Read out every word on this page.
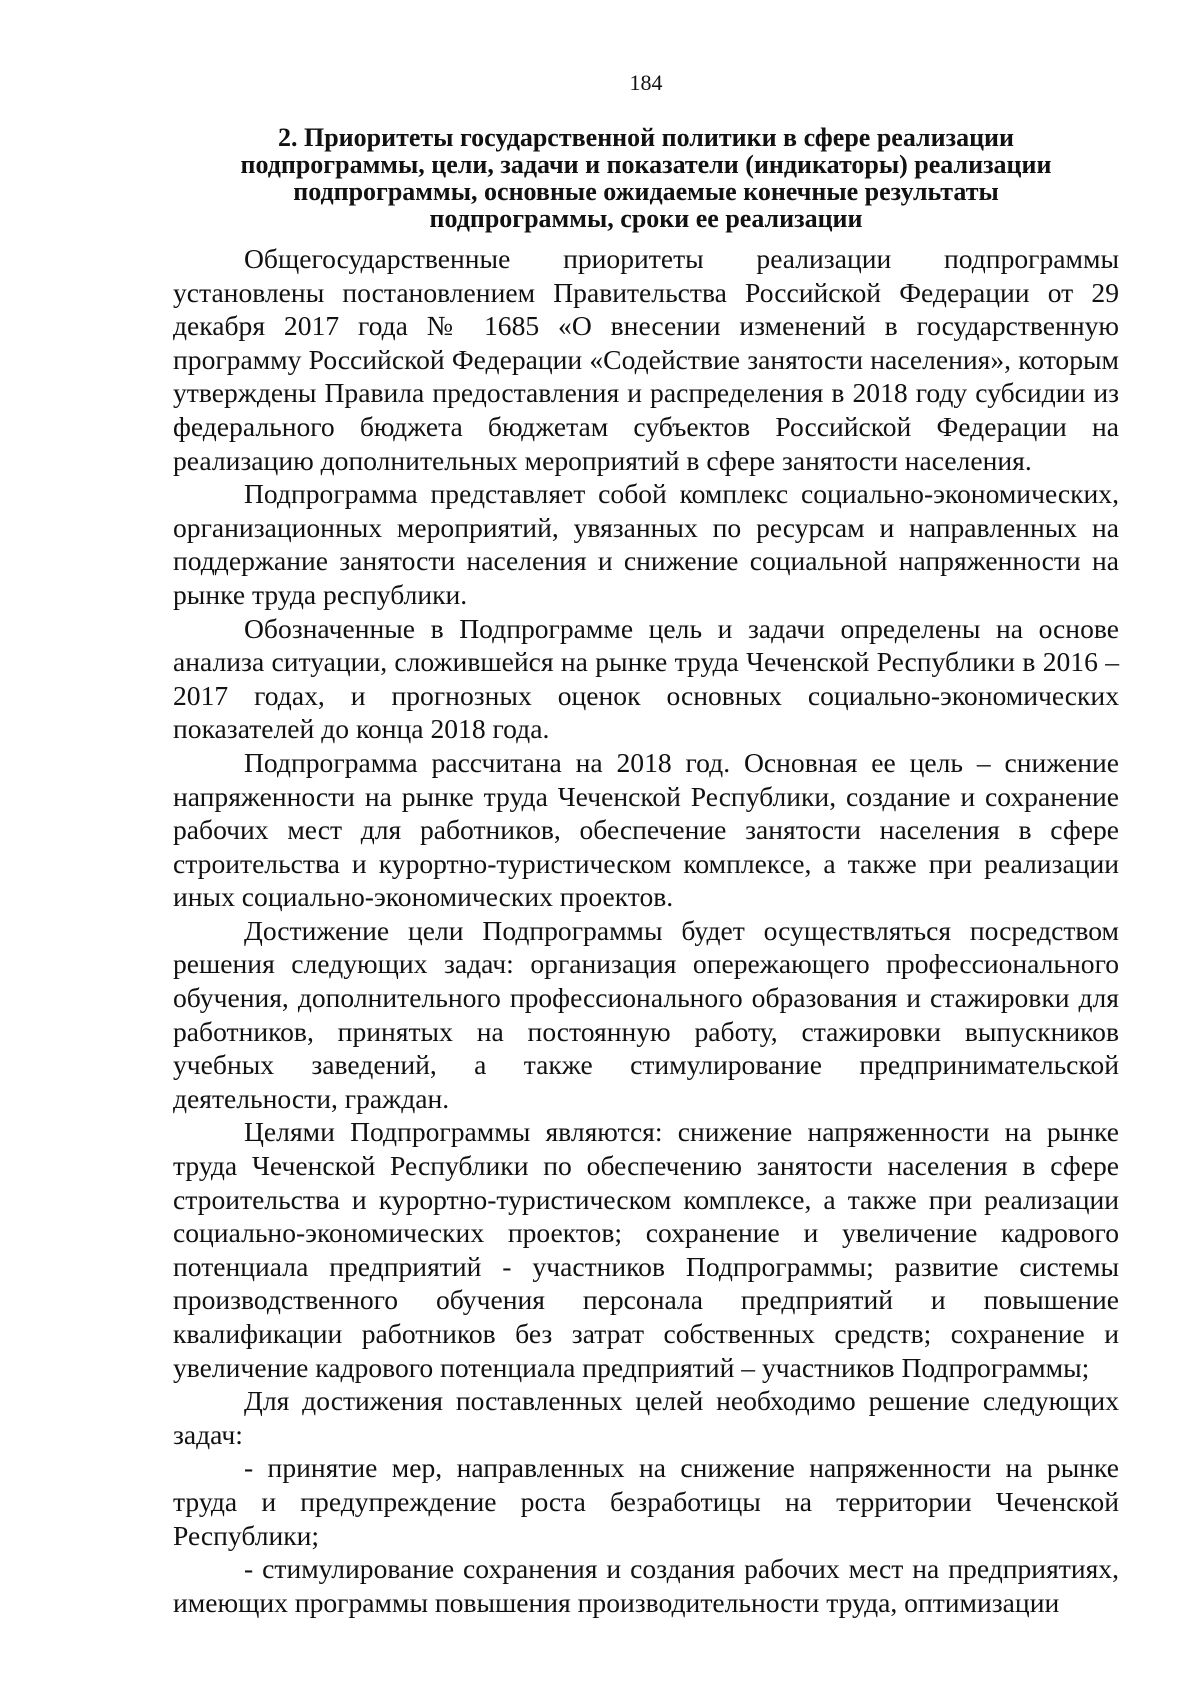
184
2. Приоритеты государственной политики в сфере реализации
подпрограммы, цели, задачи и показатели (индикаторы) реализации
подпрограммы, основные ожидаемые конечные результаты
подпрограммы, сроки ее реализации

Общегосударственные приоритеты реализации подпрограммы установлены постановлением Правительства Российской Федерации от 29 декабря 2017 года № 1685 «О внесении изменений в государственную программу Российской Федерации «Содействие занятости населения», которым утверждены Правила предоставления и распределения в 2018 году субсидии из федерального бюджета бюджетам субъектов Российской Федерации на реализацию дополнительных мероприятий в сфере занятости населения.

Подпрограмма представляет собой комплекс социально-экономических, организационных мероприятий, увязанных по ресурсам и направленных на поддержание занятости населения и снижение социальной напряженности на рынке труда республики.

Обозначенные в Подпрограмме цель и задачи определены на основе анализа ситуации, сложившейся на рынке труда Чеченской Республики в 2016 – 2017 годах, и прогнозных оценок основных социально-экономических показателей до конца 2018 года.

Подпрограмма рассчитана на 2018 год. Основная ее цель – снижение напряженности на рынке труда Чеченской Республики, создание и сохранение рабочих мест для работников, обеспечение занятости населения в сфере строительства и курортно-туристическом комплексе, а также при реализации иных социально-экономических проектов.

Достижение цели Подпрограммы будет осуществляться посредством решения следующих задач: организация опережающего профессионального обучения, дополнительного профессионального образования и стажировки для работников, принятых на постоянную работу, стажировки выпускников учебных заведений, а также стимулирование предпринимательской деятельности, граждан.

Целями Подпрограммы являются: снижение напряженности на рынке труда Чеченской Республики по обеспечению занятости населения в сфере строительства и курортно-туристическом комплексе, а также при реализации социально-экономических проектов; сохранение и увеличение кадрового потенциала предприятий - участников Подпрограммы; развитие системы производственного обучения персонала предприятий и повышение квалификации работников без затрат собственных средств; сохранение и увеличение кадрового потенциала предприятий – участников Подпрограммы;

Для достижения поставленных целей необходимо решение следующих задач:

- принятие мер, направленных на снижение напряженности на рынке труда и предупреждение роста безработицы на территории Чеченской Республики;

- стимулирование сохранения и создания рабочих мест на предприятиях, имеющих программы повышения производительности труда, оптимизации
